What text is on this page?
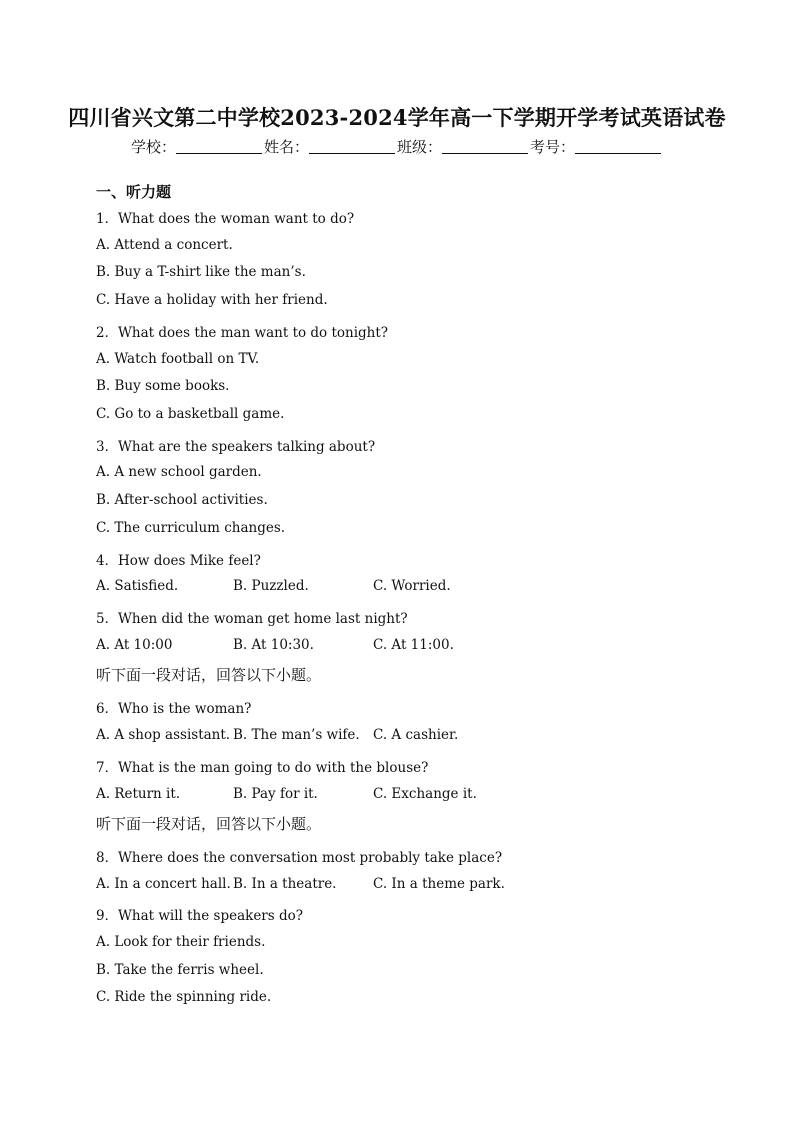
四川省兴文第二中学校2023-2024学年高一下学期开学考试英语试卷
学校：	姓名：	班级：	考号：
一、听力题
1．What does the woman want to do?
A. Attend a concert.
B. Buy a T-shirt like the man’s.
C. Have a holiday with her friend.
2．What does the man want to do tonight?
A. Watch football on TV.
B. Buy some books.
C. Go to a basketball game.
3．What are the speakers talking about?
A. A new school garden.
B. After-school activities.
C. The curriculum changes.
4．How does Mike feel?
A. Satisfied.	B. Puzzled.	C. Worried.
5．When did the woman get home last night?
A. At 10:00	B. At 10:30.	C. At 11:00.
听下面一段对话，回答以下小题。
6．Who is the woman?
A. A shop assistant. B. The man’s wife. C. A cashier.
7．What is the man going to do with the blouse?
A. Return it.	B. Pay for it.	C. Exchange it.
听下面一段对话，回答以下小题。
8．Where does the conversation most probably take place?
A. In a concert hall. B. In a theatre.	C. In a theme park.
9．What will the speakers do?
A. Look for their friends.
B. Take the ferris wheel.
C. Ride the spinning ride.
